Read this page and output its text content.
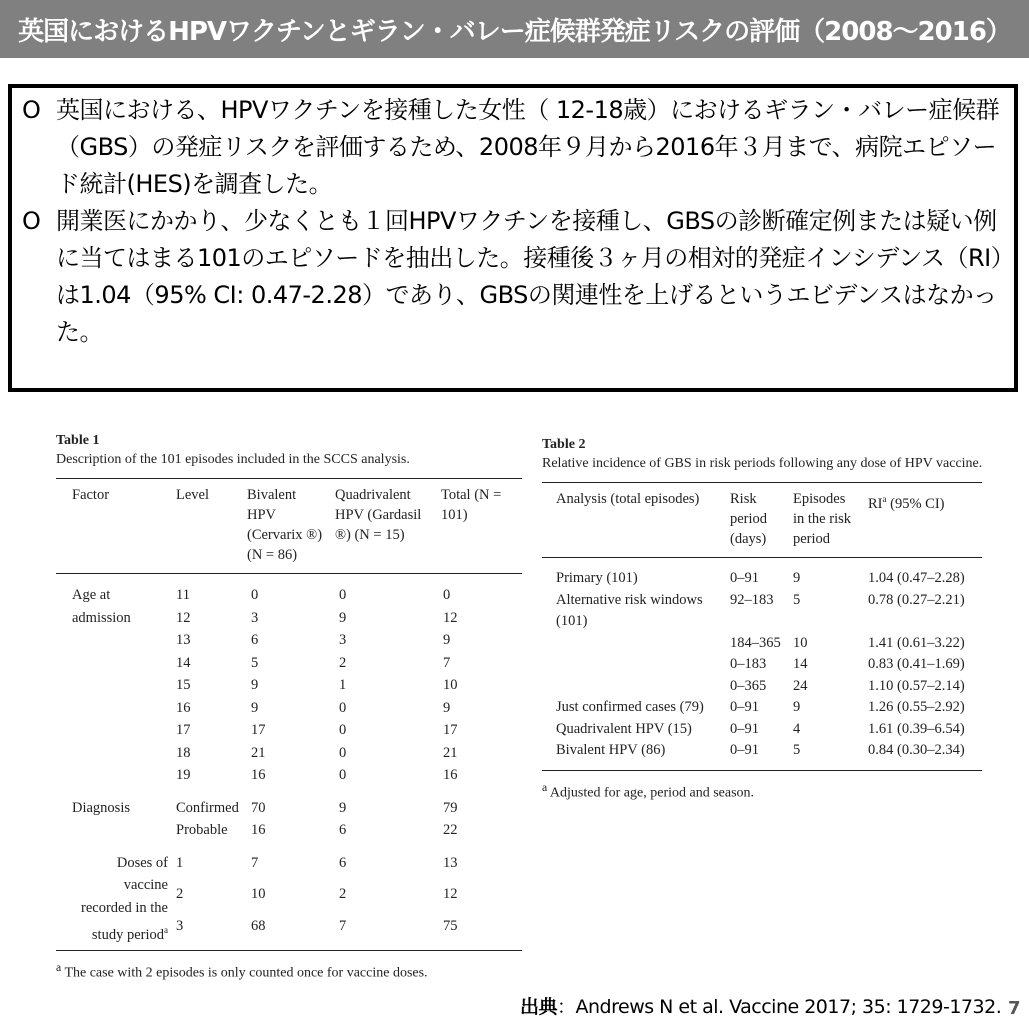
英国におけるHPVワクチンとギラン・バレー症候群発症リスクの評価（2008～2016）
O 英国における、HPVワクチンを接種した女性（ 12-18歳）におけるギラン・バレー症候群（GBS）の発症リスクを評価するため、2008年９月から2016年３月まで、病院エピソード統計(HES)を調査した。
O 開業医にかかり、少なくとも１回HPVワクチンを接種し、GBSの診断確定例または疑い例に当てはまる101のエピソードを抽出した。接種後３ヶ月の相対的発症インシデンス（RI）は1.04（95% CI: 0.47-2.28）であり、GBSの関連性を上げるというエビデンスはなかった。
Table 1
Description of the 101 episodes included in the SCCS analysis.
Factor	Level	Bivalent HPV (Cervarix ®) (N = 86)	Quadrivalent HPV (Gardasil ®) (N = 15)	Total (N = 101)

Age at admission	11	0	0	0
	12	3	9	12
	13	6	3	9
	14	5	2	7
	15	9	1	10
	16	9	0	9
	17	17	0	17
	18	21	0	21
	19	16	0	16

Diagnosis	Confirmed	70	9	79
	Probable	16	6	22

Doses of vaccine recorded in the study period$^a$	1	7	6	13
	2	10	2	12
	3	68	7	75

$^a$ The case with 2 episodes is only counted once for vaccine doses.
Table 2
Relative incidence of GBS in risk periods following any dose of HPV vaccine.
Analysis (total episodes)	Risk period (days)	Episodes in the risk period	$RI^a$ (95% CI)

Primary (101)	0–91	9	1.04 (0.47–2.28)
Alternative risk windows (101)	92–183	5	0.78 (0.27–2.21)
	184–365	10	1.41 (0.61–3.22)
	0–183	14	0.83 (0.41–1.69)
	0–365	24	1.10 (0.57–2.14)
Just confirmed cases (79)	0–91	9	1.26 (0.55–2.92)
Quadrivalent HPV (15)	0–91	4	1.61 (0.39–6.54)
Bivalent HPV (86)	0–91	5	0.84 (0.30–2.34)

$^a$ Adjusted for age, period and season.
出典：Andrews N et al. Vaccine 2017; 35: 1729-1732. 7
